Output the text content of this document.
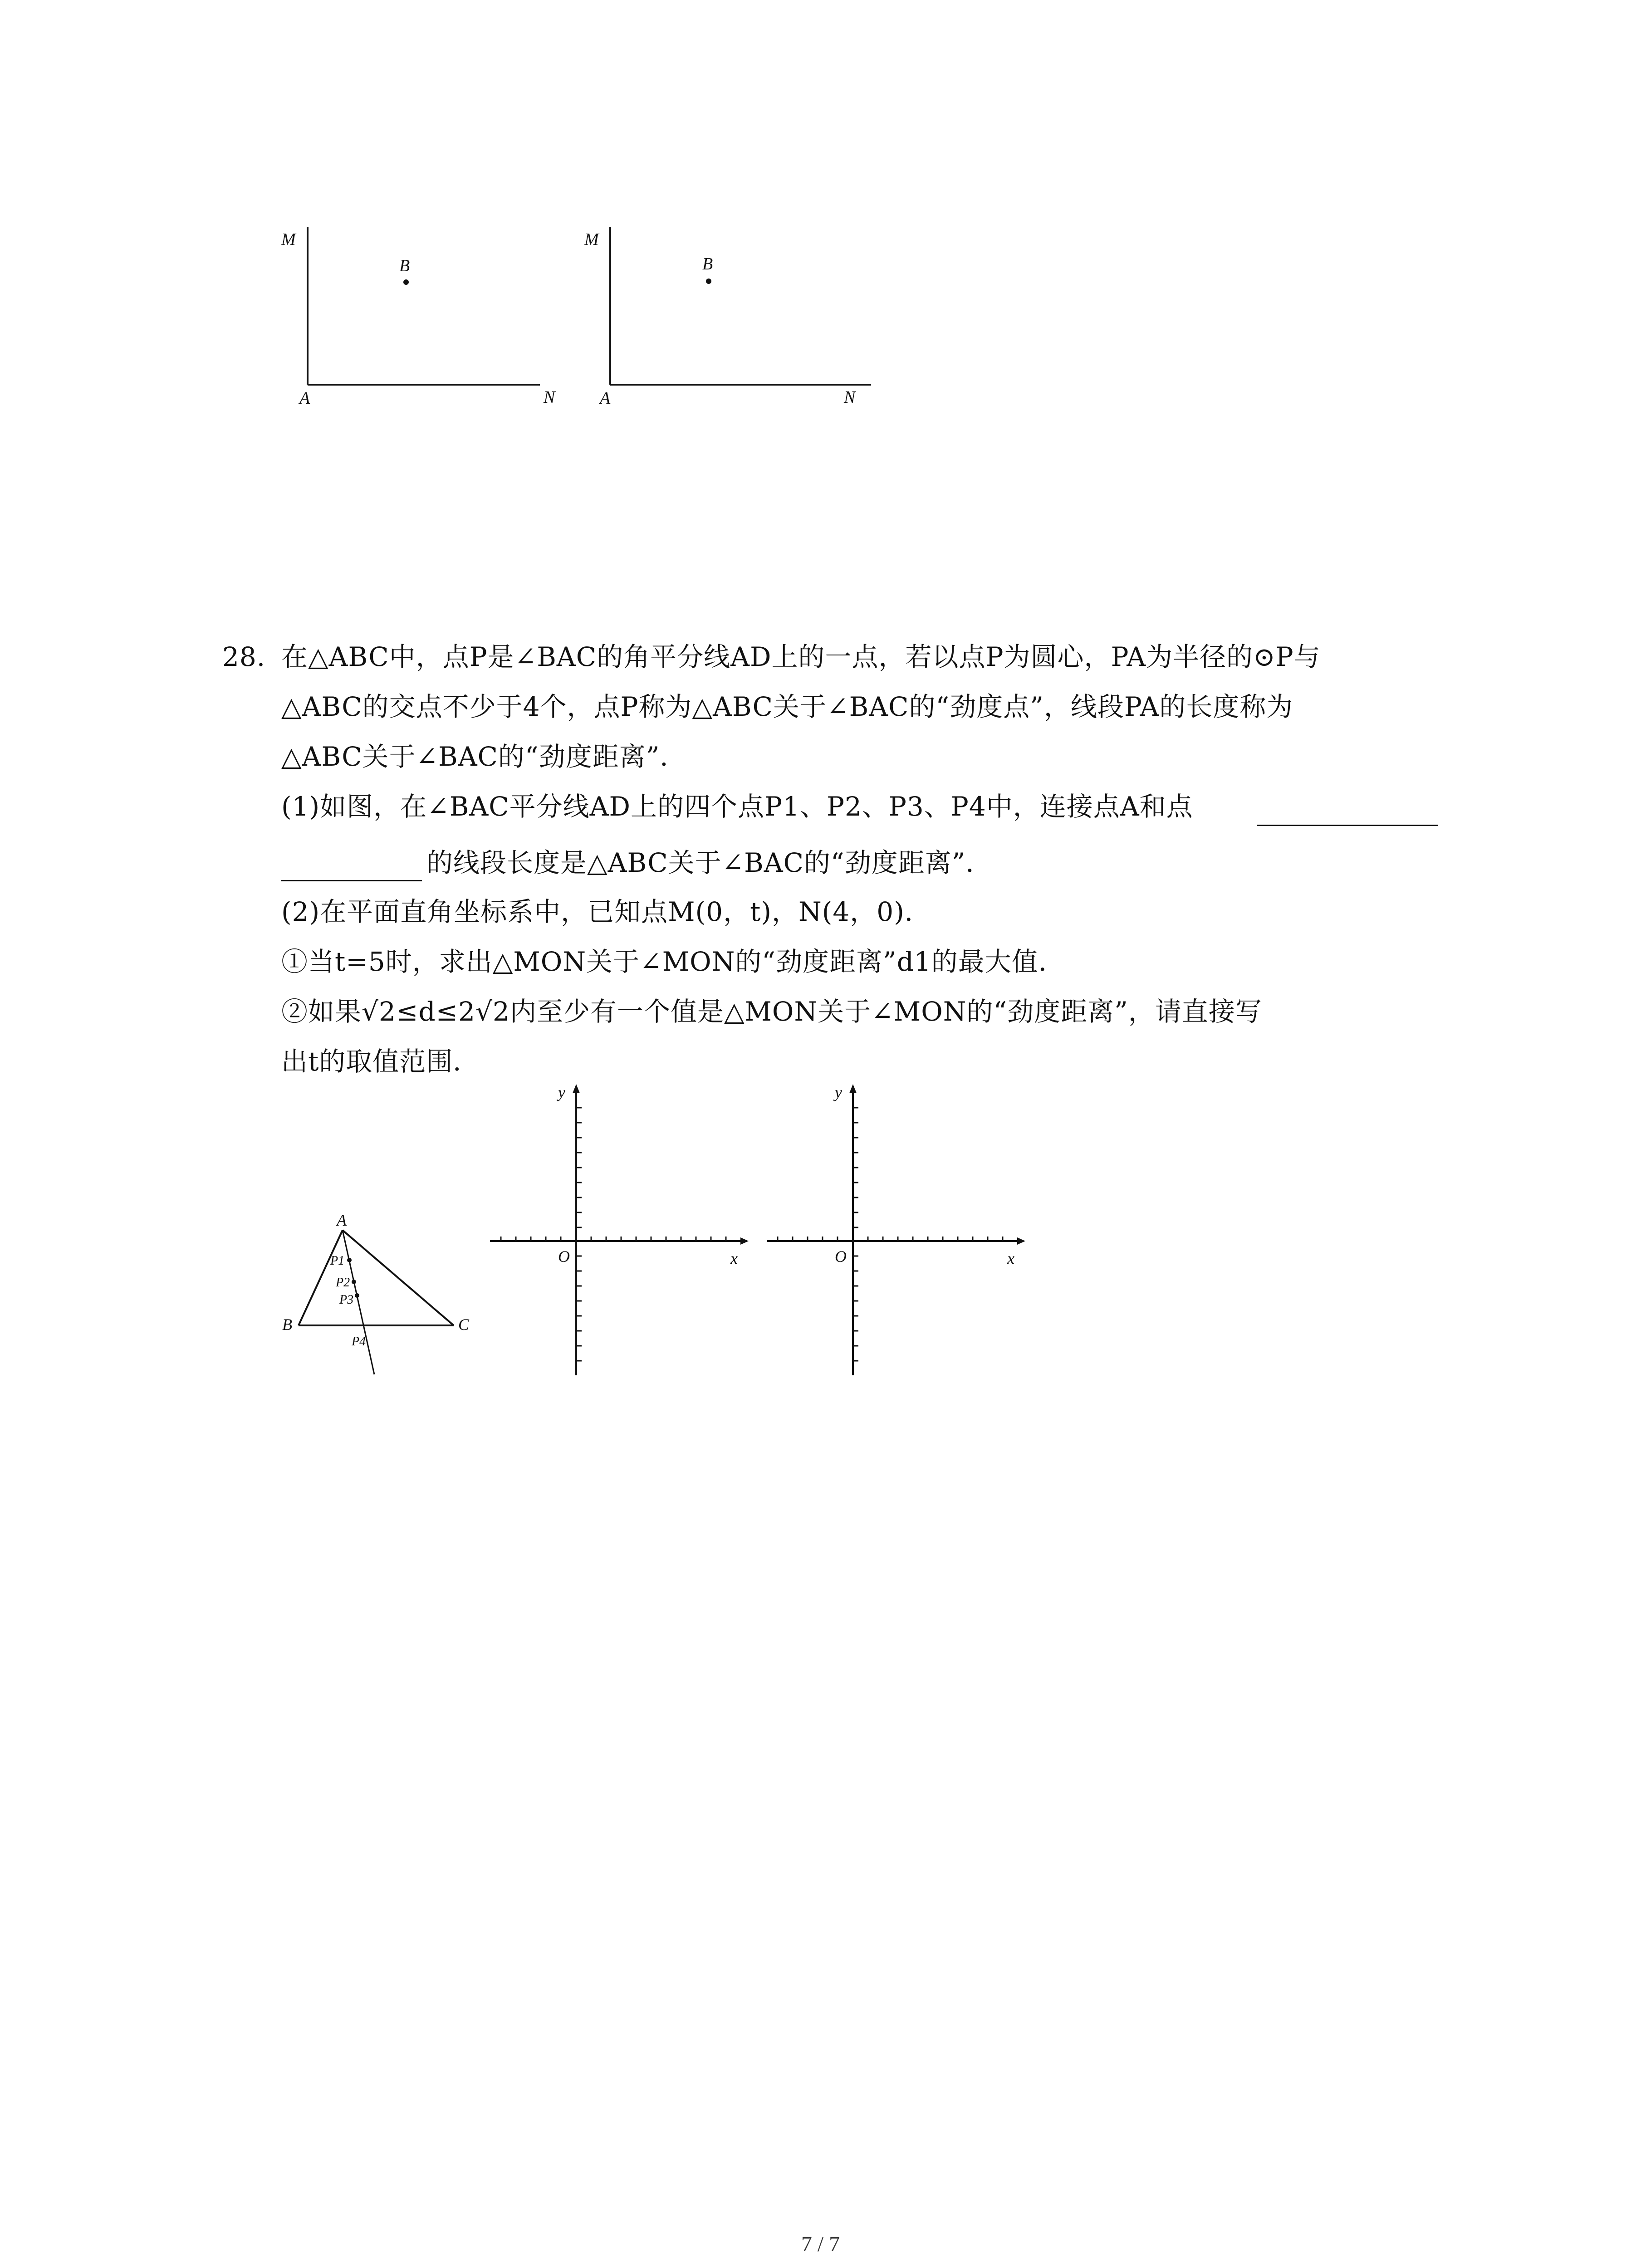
M
B
A	N
M
B
A	N
28. 在△ABC中，点P是∠BAC的角平分线AD上的一点，若以点P为圆心，PA为半径的⊙P与
△ABC的交点不少于4个，点P称为△ABC关于∠BAC的“劲度点”，线段PA的长度称为
△ABC关于∠BAC的“劲度距离”．
(1)如图，在∠BAC平分线AD上的四个点P1、P2、P3、P4中，连接点A和点
的线段长度是△ABC关于∠BAC的“劲度距离”．
(2)在平面直角坐标系中，已知点M(0，t)，N(4，0)．
①当t=5时，求出△MON关于∠MON的“劲度距离”d1的最大值．
②如果√2≤d≤2√2内至少有一个值是△MON关于∠MON的“劲度距离”，请直接写
出t的取值范围．
A
B	C
P1
P2
P3
P4
y
x
O
y
x
O
7 / 7
